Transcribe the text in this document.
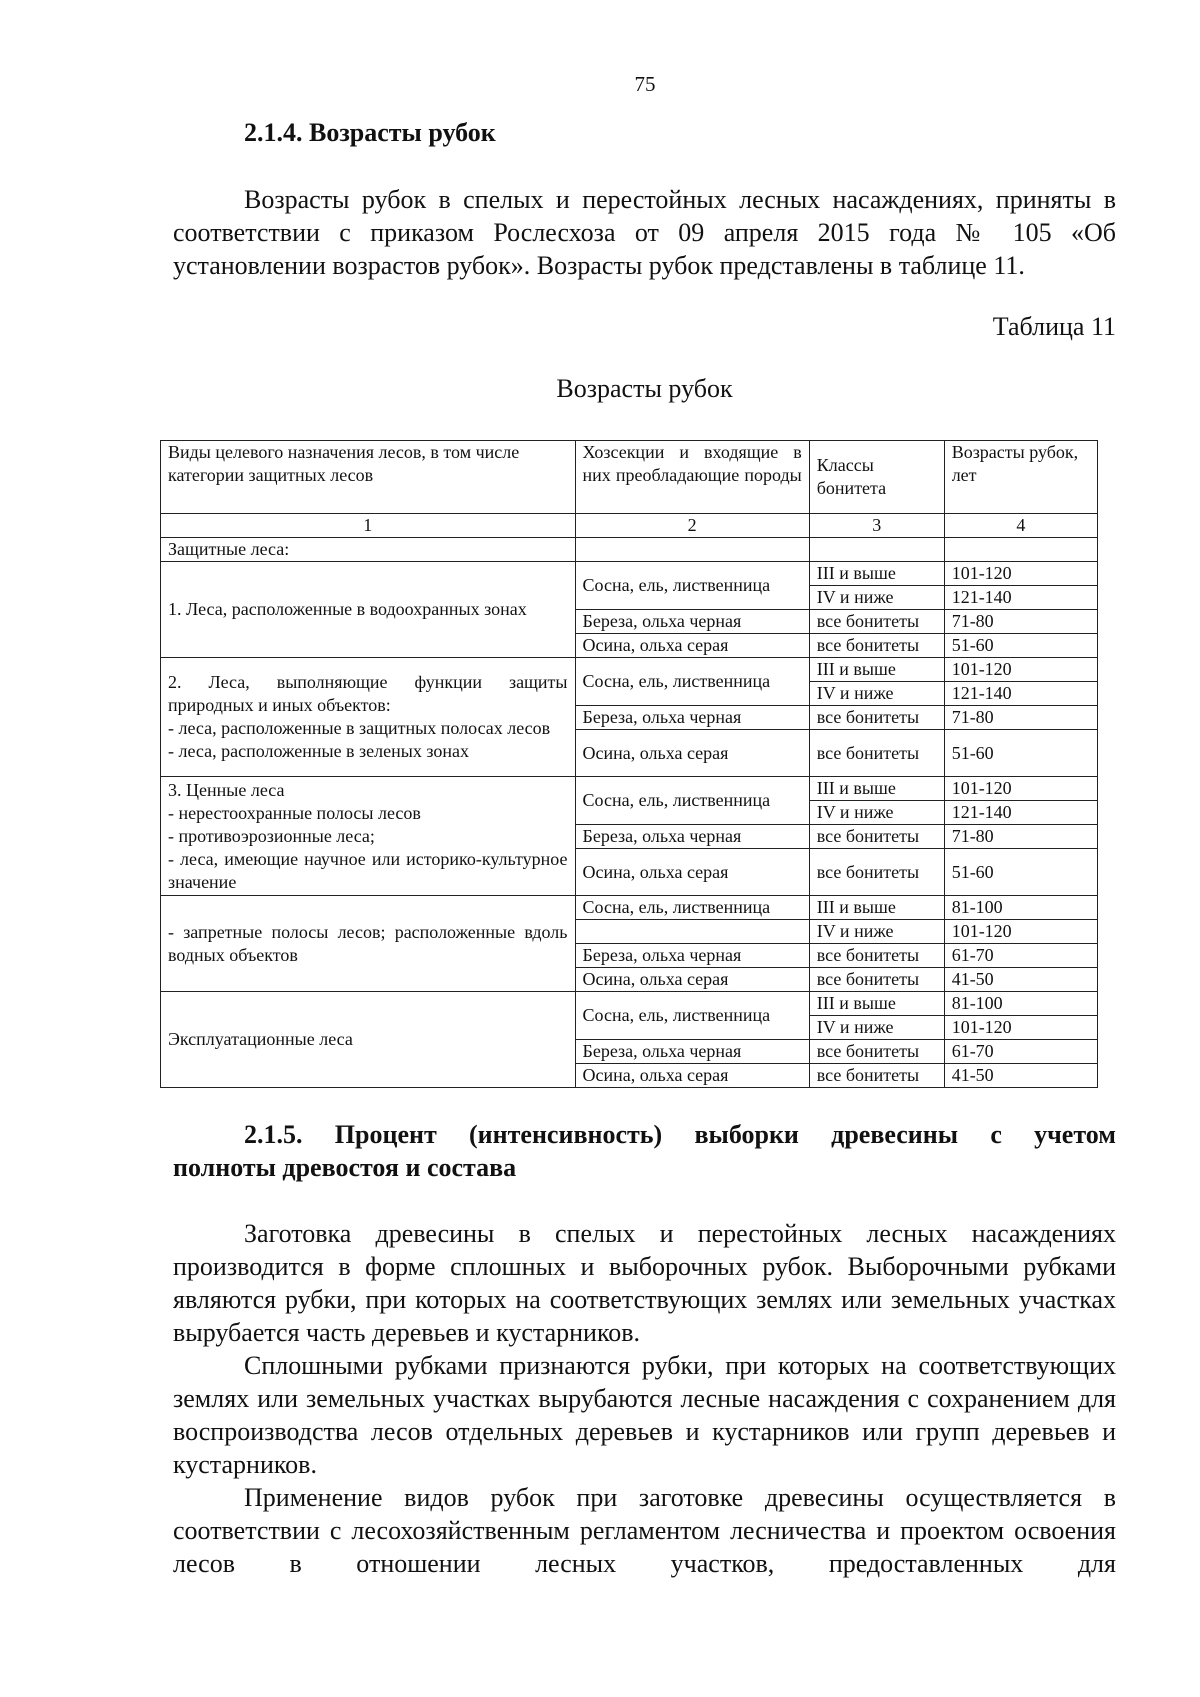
75
2.1.4. Возрасты рубок

Возрасты рубок в спелых и перестойных лесных насаждениях, приняты в соответствии с приказом Рослесхоза от 09 апреля 2015 года № 105 «Об установлении возрастов рубок». Возрасты рубок представлены в таблице 11.

Таблица 11
Возрасты рубок
Виды целевого назначения лесов, в том числе категории защитных лесов	Хозсекции и входящие в них преобладающие породы	Классы бонитета	Возрасты рубок, лет
1	2	3	4
Защитные леса:			
1. Леса, расположенные в водоохранных зонах	Сосна, ель, лиственница	III и выше	101-120
		IV и ниже	121-140
	Береза, ольха черная	все бонитеты	71-80
	Осина, ольха серая	все бонитеты	51-60
2. Леса, выполняющие функции защиты природных и иных объектов:
- леса, расположенные в защитных полосах лесов
- леса, расположенные в зеленых зонах	Сосна, ель, лиственница	III и выше	101-120
		IV и ниже	121-140
	Береза, ольха черная	все бонитеты	71-80
	Осина, ольха серая	все бонитеты	51-60
3. Ценные леса
- нерестоохранные полосы лесов
- противоэрозионные леса;
- леса, имеющие научное или историко-культурное значение	Сосна, ель, лиственница	III и выше	101-120
		IV и ниже	121-140
	Береза, ольха черная	все бонитеты	71-80
	Осина, ольха серая	все бонитеты	51-60
- запретные полосы лесов; расположенные вдоль водных объектов	Сосна, ель, лиственница	III и выше	81-100
		IV и ниже	101-120
	Береза, ольха черная	все бонитеты	61-70
	Осина, ольха серая	все бонитеты	41-50
Эксплуатационные леса	Сосна, ель, лиственница	III и выше	81-100
		IV и ниже	101-120
	Береза, ольха черная	все бонитеты	61-70
	Осина, ольха серая	все бонитеты	41-50
2.1.5. Процент (интенсивность) выборки древесины с учетом
полноты древостоя и состава

Заготовка древесины в спелых и перестойных лесных насаждениях производится в форме сплошных и выборочных рубок. Выборочными рубками являются рубки, при которых на соответствующих землях или земельных участках вырубается часть деревьев и кустарников.

Сплошными рубками признаются рубки, при которых на соответствующих землях или земельных участках вырубаются лесные насаждения с сохранением для воспроизводства лесов отдельных деревьев и кустарников или групп деревьев и кустарников.

Применение видов рубок при заготовке древесины осуществляется в соответствии с лесохозяйственным регламентом лесничества и проектом освоения лесов в отношении лесных участков, предоставленных для
